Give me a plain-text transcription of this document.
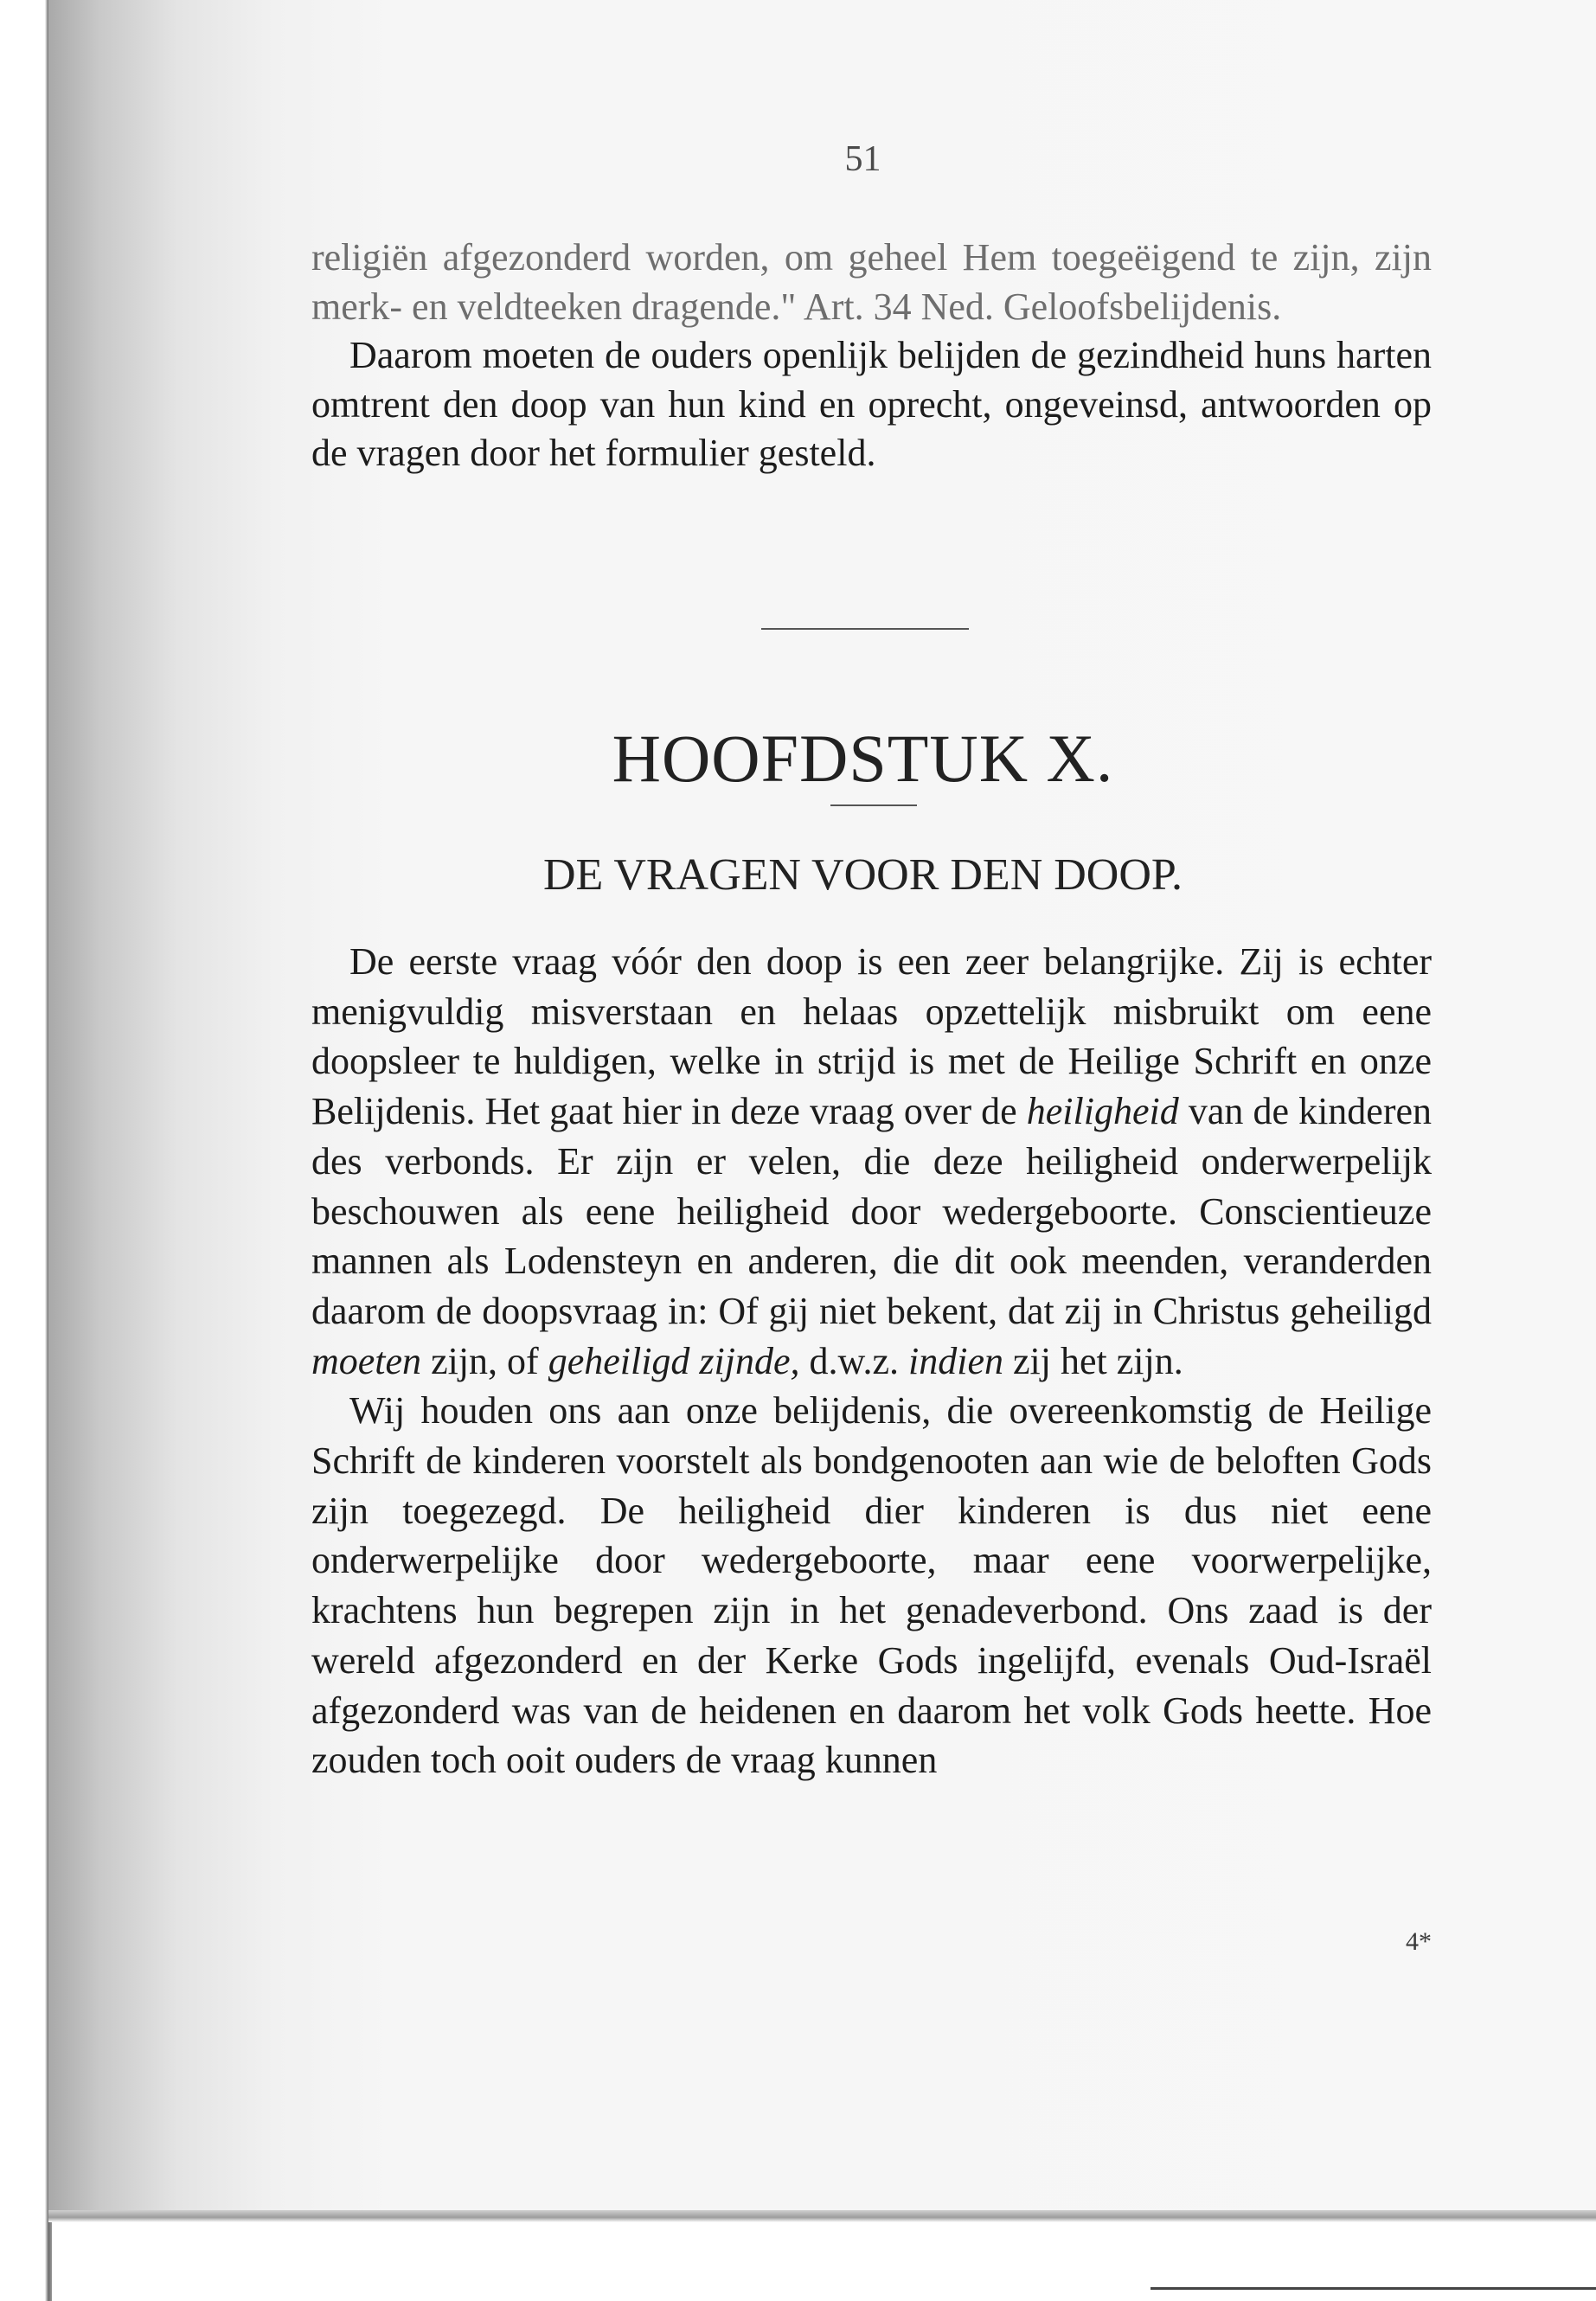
51

religiën afgezonderd worden, om geheel Hem toegeëigend te zijn, zijn merk- en veldteeken dragende." Art. 34 Ned. Geloofsbelijdenis.

Daarom moeten de ouders openlijk belijden de gezindheid huns harten omtrent den doop van hun kind en oprecht, ongeveinsd, antwoorden op de vragen door het formulier gesteld.

HOOFDSTUK X.
DE VRAGEN VOOR DEN DOOP.

De eerste vraag vóór den doop is een zeer belangrijke. Zij is echter menigvuldig misverstaan en helaas opzettelijk misbruikt om eene doopsleer te huldigen, welke in strijd is met de Heilige Schrift en onze Belijdenis. Het gaat hier in deze vraag over de heiligheid van de kinderen des verbonds. Er zijn er velen, die deze heiligheid onderwerpelijk beschouwen als eene heiligheid door wedergeboorte. Conscientieuze mannen als Lodensteyn en anderen, die dit ook meenden, veranderden daarom de doopsvraag in: Of gij niet bekent, dat zij in Christus geheiligd moeten zijn, of geheiligd zijnde, d.w.z. indien zij het zijn.

Wij houden ons aan onze belijdenis, die overeenkomstig de Heilige Schrift de kinderen voorstelt als bondgenooten aan wie de beloften Gods zijn toegezegd. De heiligheid dier kinderen is dus niet eene onderwerpelijke door wedergeboorte, maar eene voorwerpelijke, krachtens hun begrepen zijn in het genadeverbond. Ons zaad is der wereld afgezonderd en der Kerke Gods ingelijfd, evenals Oud-Israël afgezonderd was van de heidenen en daarom het volk Gods heette. Hoe zouden toch ooit ouders de vraag kunnen

4*
